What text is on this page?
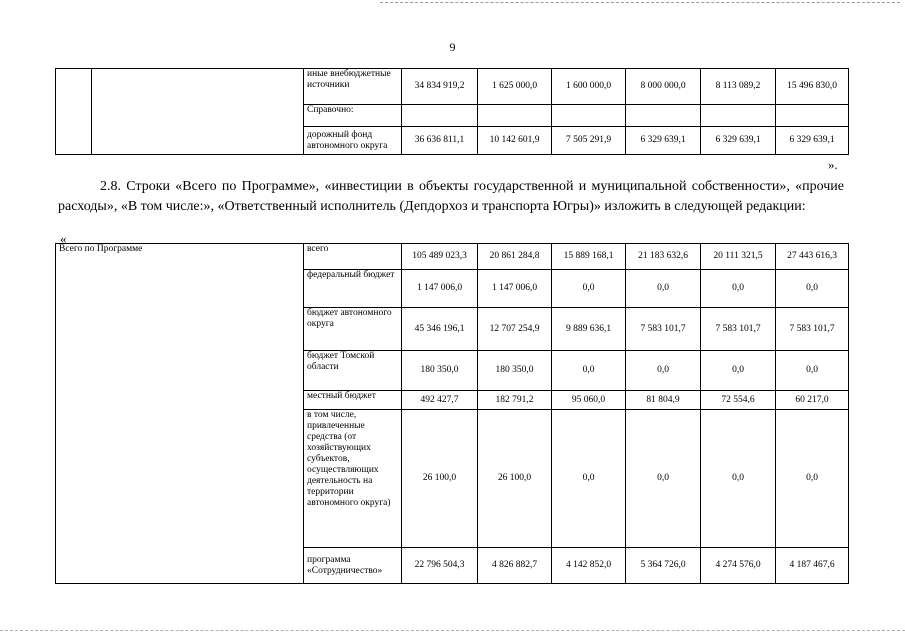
9
		иные внебюджетные источники	34 834 919,2	1 625 000,0	1 600 000,0	8 000 000,0	8 113 089,2	15 496 830,0
		Справочно:						
		дорожный фонд автономного округа	36 636 811,1	10 142 601,9	7 505 291,9	6 329 639,1	6 329 639,1	6 329 639,1
».

2.8. Строки «Всего по Программе», «инвестиции в объекты государственной и муниципальной собственности», «прочие расходы», «В том числе:», «Ответственный исполнитель (Депдорхоз и транспорта Югры)» изложить в следующей редакции:

«
Всего по Программе	всего	105 489 023,3	20 861 284,8	15 889 168,1	21 183 632,6	20 111 321,5	27 443 616,3
	федеральный бюджет	1 147 006,0	1 147 006,0	0,0	0,0	0,0	0,0
	бюджет автономного округа	45 346 196,1	12 707 254,9	9 889 636,1	7 583 101,7	7 583 101,7	7 583 101,7
	бюджет Томской области	180 350,0	180 350,0	0,0	0,0	0,0	0,0
	местный бюджет	492 427,7	182 791,2	95 060,0	81 804,9	72 554,6	60 217,0
	в том числе, привлеченные средства (от хозяйствующих субъектов, осуществляющих деятельность на территории автономного округа)	26 100,0	26 100,0	0,0	0,0	0,0	0,0
	программа «Сотрудничество»	22 796 504,3	4 826 882,7	4 142 852,0	5 364 726,0	4 274 576,0	4 187 467,6
